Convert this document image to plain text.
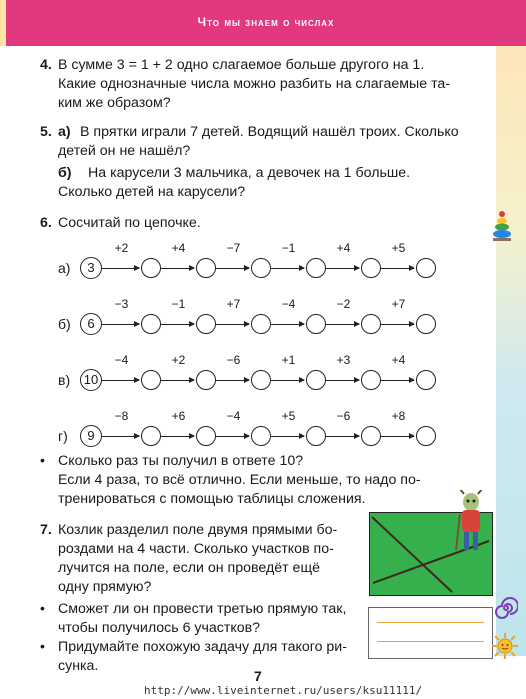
Что мы знаем о числах
4. В сумме 3 = 1 + 2 одно слагаемое больше другого на 1.
Какие однозначные числа можно разбить на слагаемые та-
ким же образом?
5. а) В прятки играли 7 детей. Водящий нашёл троих. Сколько
детей он не нашёл?
б) На карусели 3 мальчика, а девочек на 1 больше.
Сколько детей на карусели?
6. Сосчитай по цепочке.
а)	3
+2	+4	−7	−1	+4	+5
б)	6
−3	−1	+7	−4	−2	+7
в) 10
−4	+2	−6	+1	+3	+4
г)	9
−8	+6	−4	+5	−6	+8
• Сколько раз ты получил в ответе 10?
Если 4 раза, то всё отлично. Если меньше, то надо по-
тренироваться с помощью таблицы сложения.
7. Козлик разделил поле двумя прямыми бо-
роздами на 4 части. Сколько участков по-
лучится на поле, если он проведёт ещё
одну прямую?
• Сможет ли он провести третью прямую так,
чтобы получилось 6 участков?
• Придумайте похожую задачу для такого ри-
сунка.
7
http://www.liveinternet.ru/users/ksu11111/
